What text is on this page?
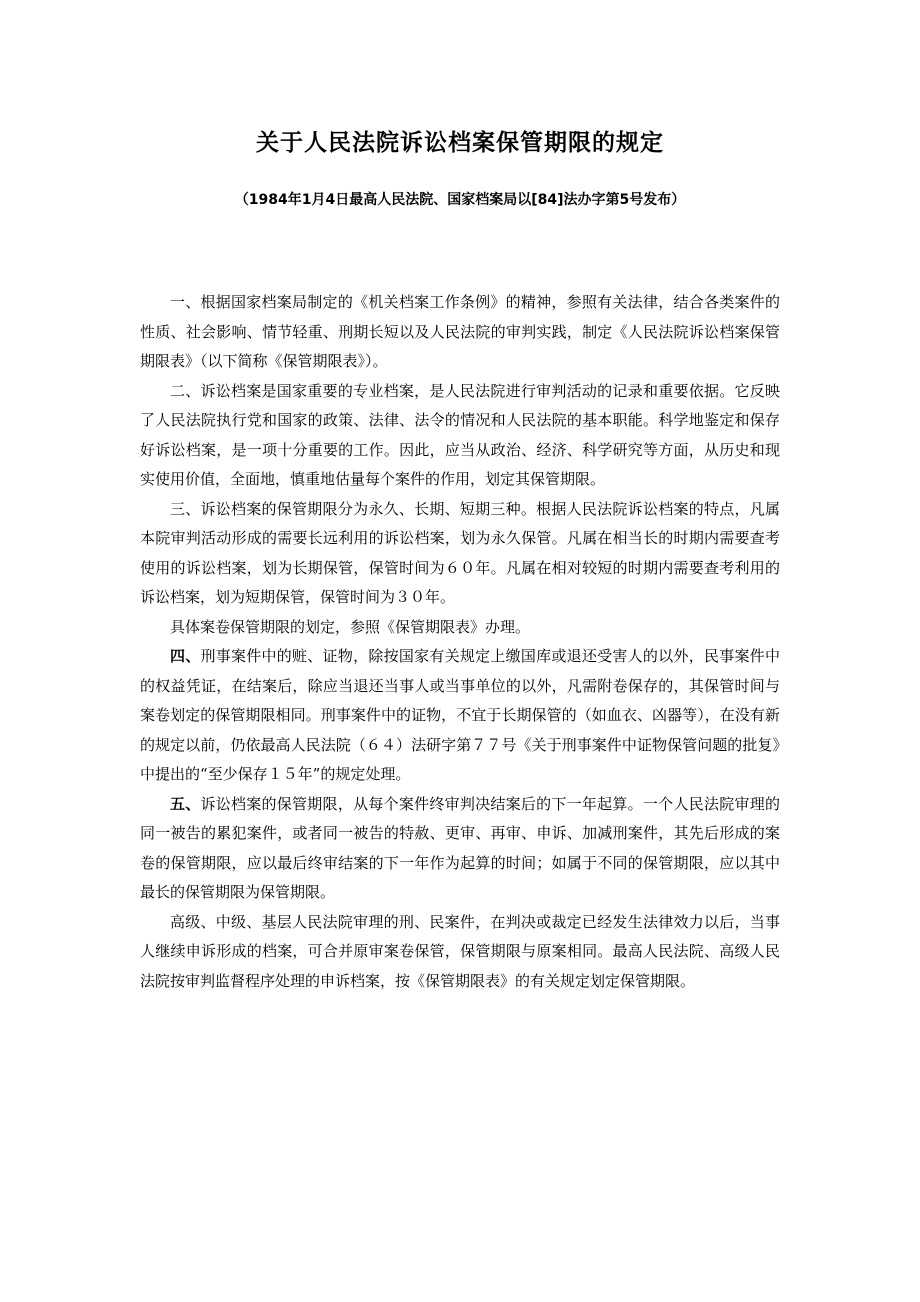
关于人民法院诉讼档案保管期限的规定

（1984年1月4日最高人民法院、国家档案局以[84]法办字第5号发布）

一、根据国家档案局制定的《机关档案工作条例》的精神，参照有关法律，结合各类案件的性质、社会影响、情节轻重、刑期长短以及人民法院的审判实践，制定《人民法院诉讼档案保管期限表》（以下简称《保管期限表》）。

二、诉讼档案是国家重要的专业档案，是人民法院进行审判活动的记录和重要依据。它反映了人民法院执行党和国家的政策、法律、法令的情况和人民法院的基本职能。科学地鉴定和保存好诉讼档案，是一项十分重要的工作。因此，应当从政治、经济、科学研究等方面，从历史和现实使用价值，全面地，慎重地估量每个案件的作用，划定其保管期限。

三、诉讼档案的保管期限分为永久、长期、短期三种。根据人民法院诉讼档案的特点，凡属本院审判活动形成的需要长远利用的诉讼档案，划为永久保管。凡属在相当长的时期内需要查考使用的诉讼档案，划为长期保管，保管时间为６０年。凡属在相对较短的时期内需要查考利用的诉讼档案，划为短期保管，保管时间为３０年。

具体案卷保管期限的划定，参照《保管期限表》办理。

四、刑事案件中的赃、证物，除按国家有关规定上缴国库或退还受害人的以外，民事案件中的权益凭证，在结案后，除应当退还当事人或当事单位的以外，凡需附卷保存的，其保管时间与案卷划定的保管期限相同。刑事案件中的证物，不宜于长期保管的（如血衣、凶器等），在没有新的规定以前，仍依最高人民法院（６４）法研字第７７号《关于刑事案件中证物保管问题的批复》中提出的“至少保存１５年”的规定处理。

五、诉讼档案的保管期限，从每个案件终审判决结案后的下一年起算。一个人民法院审理的同一被告的累犯案件，或者同一被告的特赦、更审、再审、申诉、加减刑案件，其先后形成的案卷的保管期限，应以最后终审结案的下一年作为起算的时间；如属于不同的保管期限，应以其中最长的保管期限为保管期限。

高级、中级、基层人民法院审理的刑、民案件，在判决或裁定已经发生法律效力以后，当事人继续申诉形成的档案，可合并原审案卷保管，保管期限与原案相同。最高人民法院、高级人民法院按审判监督程序处理的申诉档案，按《保管期限表》的有关规定划定保管期限。
